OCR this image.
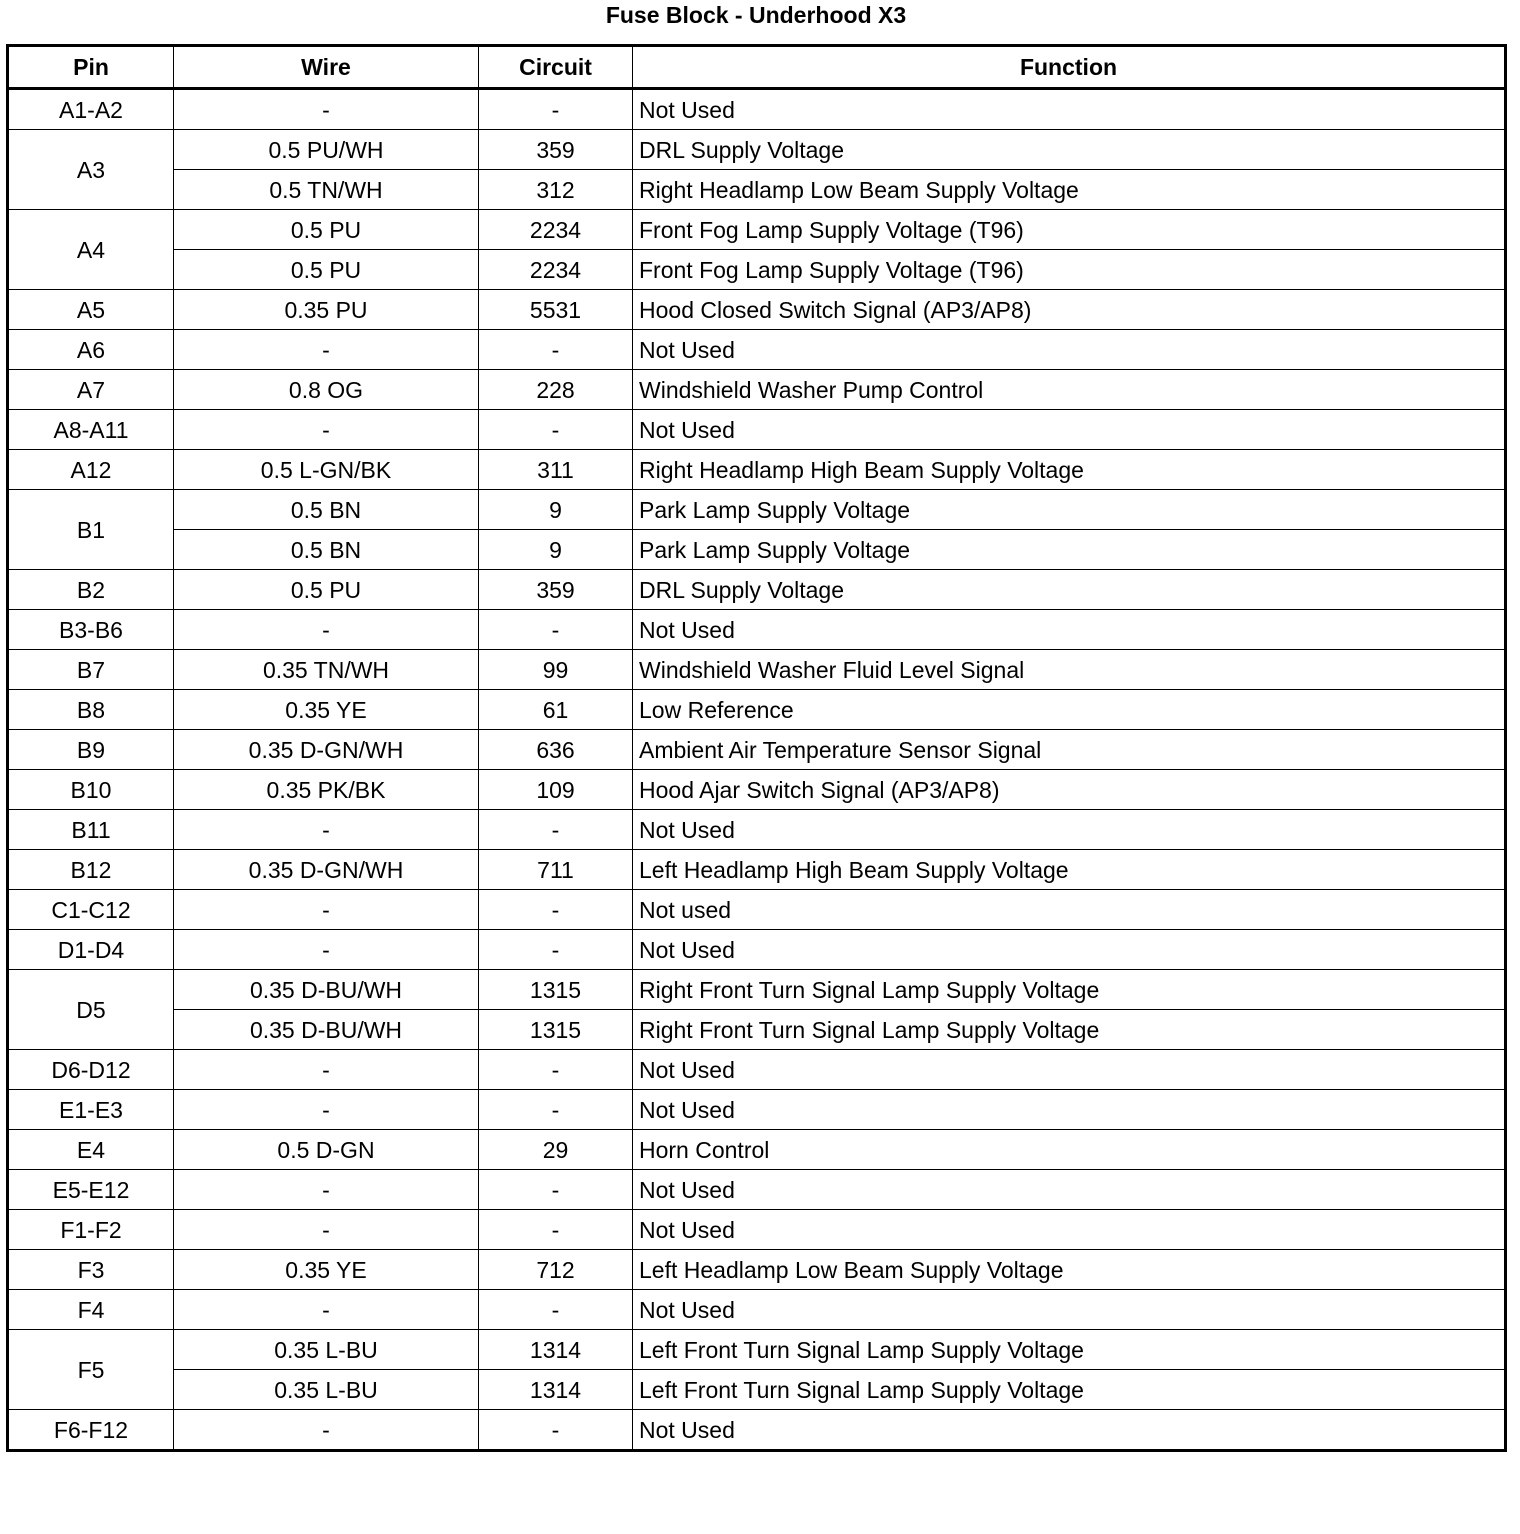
Fuse Block - Underhood X3
Pin	Wire	Circuit	Function
A1-A2	-	-	Not Used
A3	0.5 PU/WH	359	DRL Supply Voltage
	0.5 TN/WH	312	Right Headlamp Low Beam Supply Voltage
A4	0.5 PU	2234	Front Fog Lamp Supply Voltage (T96)
	0.5 PU	2234	Front Fog Lamp Supply Voltage (T96)
A5	0.35 PU	5531	Hood Closed Switch Signal (AP3/AP8)
A6	-	-	Not Used
A7	0.8 OG	228	Windshield Washer Pump Control
A8-A11	-	-	Not Used
A12	0.5 L-GN/BK	311	Right Headlamp High Beam Supply Voltage
B1	0.5 BN	9	Park Lamp Supply Voltage
	0.5 BN	9	Park Lamp Supply Voltage
B2	0.5 PU	359	DRL Supply Voltage
B3-B6	-	-	Not Used
B7	0.35 TN/WH	99	Windshield Washer Fluid Level Signal
B8	0.35 YE	61	Low Reference
B9	0.35 D-GN/WH	636	Ambient Air Temperature Sensor Signal
B10	0.35 PK/BK	109	Hood Ajar Switch Signal (AP3/AP8)
B11	-	-	Not Used
B12	0.35 D-GN/WH	711	Left Headlamp High Beam Supply Voltage
C1-C12	-	-	Not used
D1-D4	-	-	Not Used
D5	0.35 D-BU/WH	1315	Right Front Turn Signal Lamp Supply Voltage
	0.35 D-BU/WH	1315	Right Front Turn Signal Lamp Supply Voltage
D6-D12	-	-	Not Used
E1-E3	-	-	Not Used
E4	0.5 D-GN	29	Horn Control
E5-E12	-	-	Not Used
F1-F2	-	-	Not Used
F3	0.35 YE	712	Left Headlamp Low Beam Supply Voltage
F4	-	-	Not Used
F5	0.35 L-BU	1314	Left Front Turn Signal Lamp Supply Voltage
	0.35 L-BU	1314	Left Front Turn Signal Lamp Supply Voltage
F6-F12	-	-	Not Used
